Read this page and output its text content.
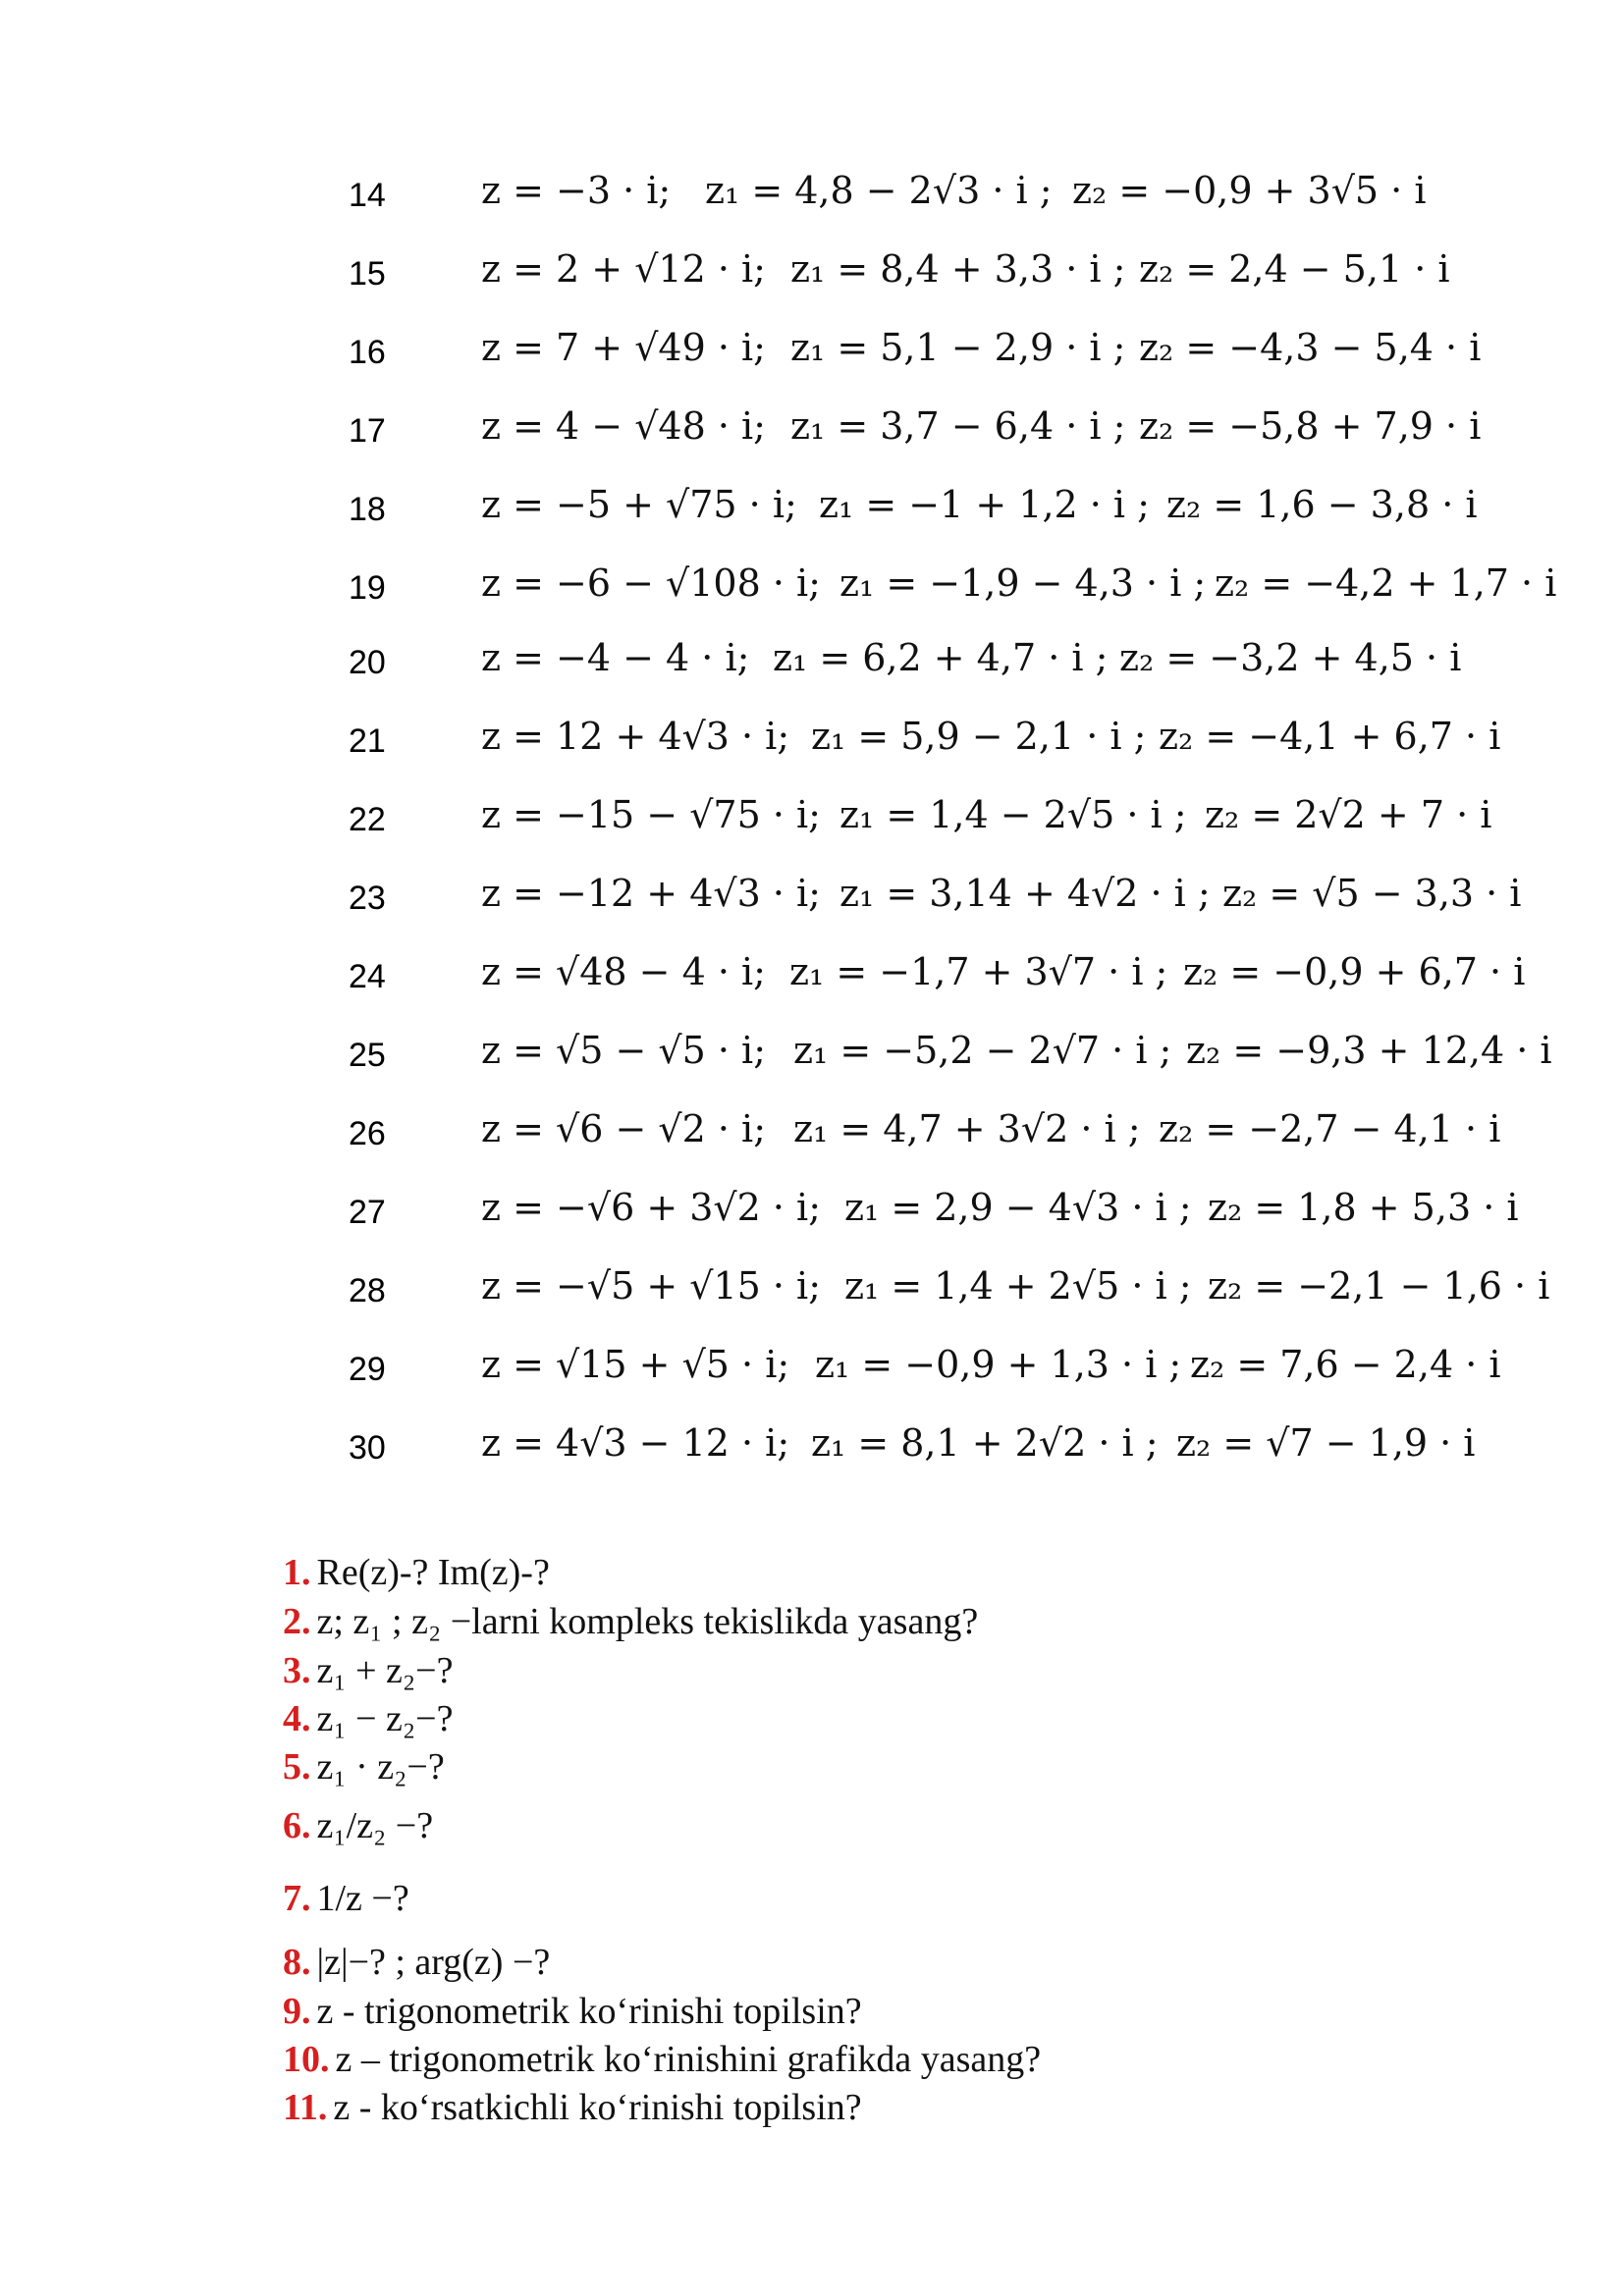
14	z = −3 · i; z₁ = 4,8 − 2√3 · i ; z₂ = −0,9 + 3√5 · i
15	z = 2 + √12 · i; z₁ = 8,4 + 3,3 · i ; z₂ = 2,4 − 5,1 · i
16	z = 7 + √49 · i; z₁ = 5,1 − 2,9 · i ; z₂ = −4,3 − 5,4 · i
17	z = 4 − √48 · i; z₁ = 3,7 − 6,4 · i ; z₂ = −5,8 + 7,9 · i
18	z = −5 + √75 · i; z₁ = −1 + 1,2 · i ; z₂ = 1,6 − 3,8 · i
19	z = −6 − √108 · i; z₁ = −1,9 − 4,3 · i ; z₂ = −4,2 + 1,7 · i
20	z = −4 − 4 · i; z₁ = 6,2 + 4,7 · i ; z₂ = −3,2 + 4,5 · i
21	z = 12 + 4√3 · i; z₁ = 5,9 − 2,1 · i ; z₂ = −4,1 + 6,7 · i
22	z = −15 − √75 · i; z₁ = 1,4 − 2√5 · i ; z₂ = 2√2 + 7 · i
23	z = −12 + 4√3 · i; z₁ = 3,14 + 4√2 · i ; z₂ = √5 − 3,3 · i
24	z = √48 − 4 · i; z₁ = −1,7 + 3√7 · i ; z₂ = −0,9 + 6,7 · i
25	z = √5 − √5 · i; z₁ = −5,2 − 2√7 · i ; z₂ = −9,3 + 12,4 · i
26	z = √6 − √2 · i; z₁ = 4,7 + 3√2 · i ; z₂ = −2,7 − 4,1 · i
27	z = −√6 + 3√2 · i; z₁ = 2,9 − 4√3 · i ; z₂ = 1,8 + 5,3 · i
28	z = −√5 + √15 · i; z₁ = 1,4 + 2√5 · i ; z₂ = −2,1 − 1,6 · i
29	z = √15 + √5 · i; z₁ = −0,9 + 1,3 · i ; z₂ = 7,6 − 2,4 · i
30	z = 4√3 − 12 · i; z₁ = 8,1 + 2√2 · i ; z₂ = √7 − 1,9 · i
1. Re(z)-? Im(z)-?
2. z; z₁ ; z₂ −larni kompleks tekislikda yasang?
3. z₁ + z₂−?
4. z₁ − z₂−?
5. z₁ · z₂−?
6. z₁/z₂ −?
7. 1/z −?
8. |z|−? ; arg(z) −?
9. z - trigonometrik ko‘rinishi topilsin?
10. z – trigonometrik ko‘rinishini grafikda yasang?
11. z - ko‘rsatkichli ko‘rinishi topilsin?
